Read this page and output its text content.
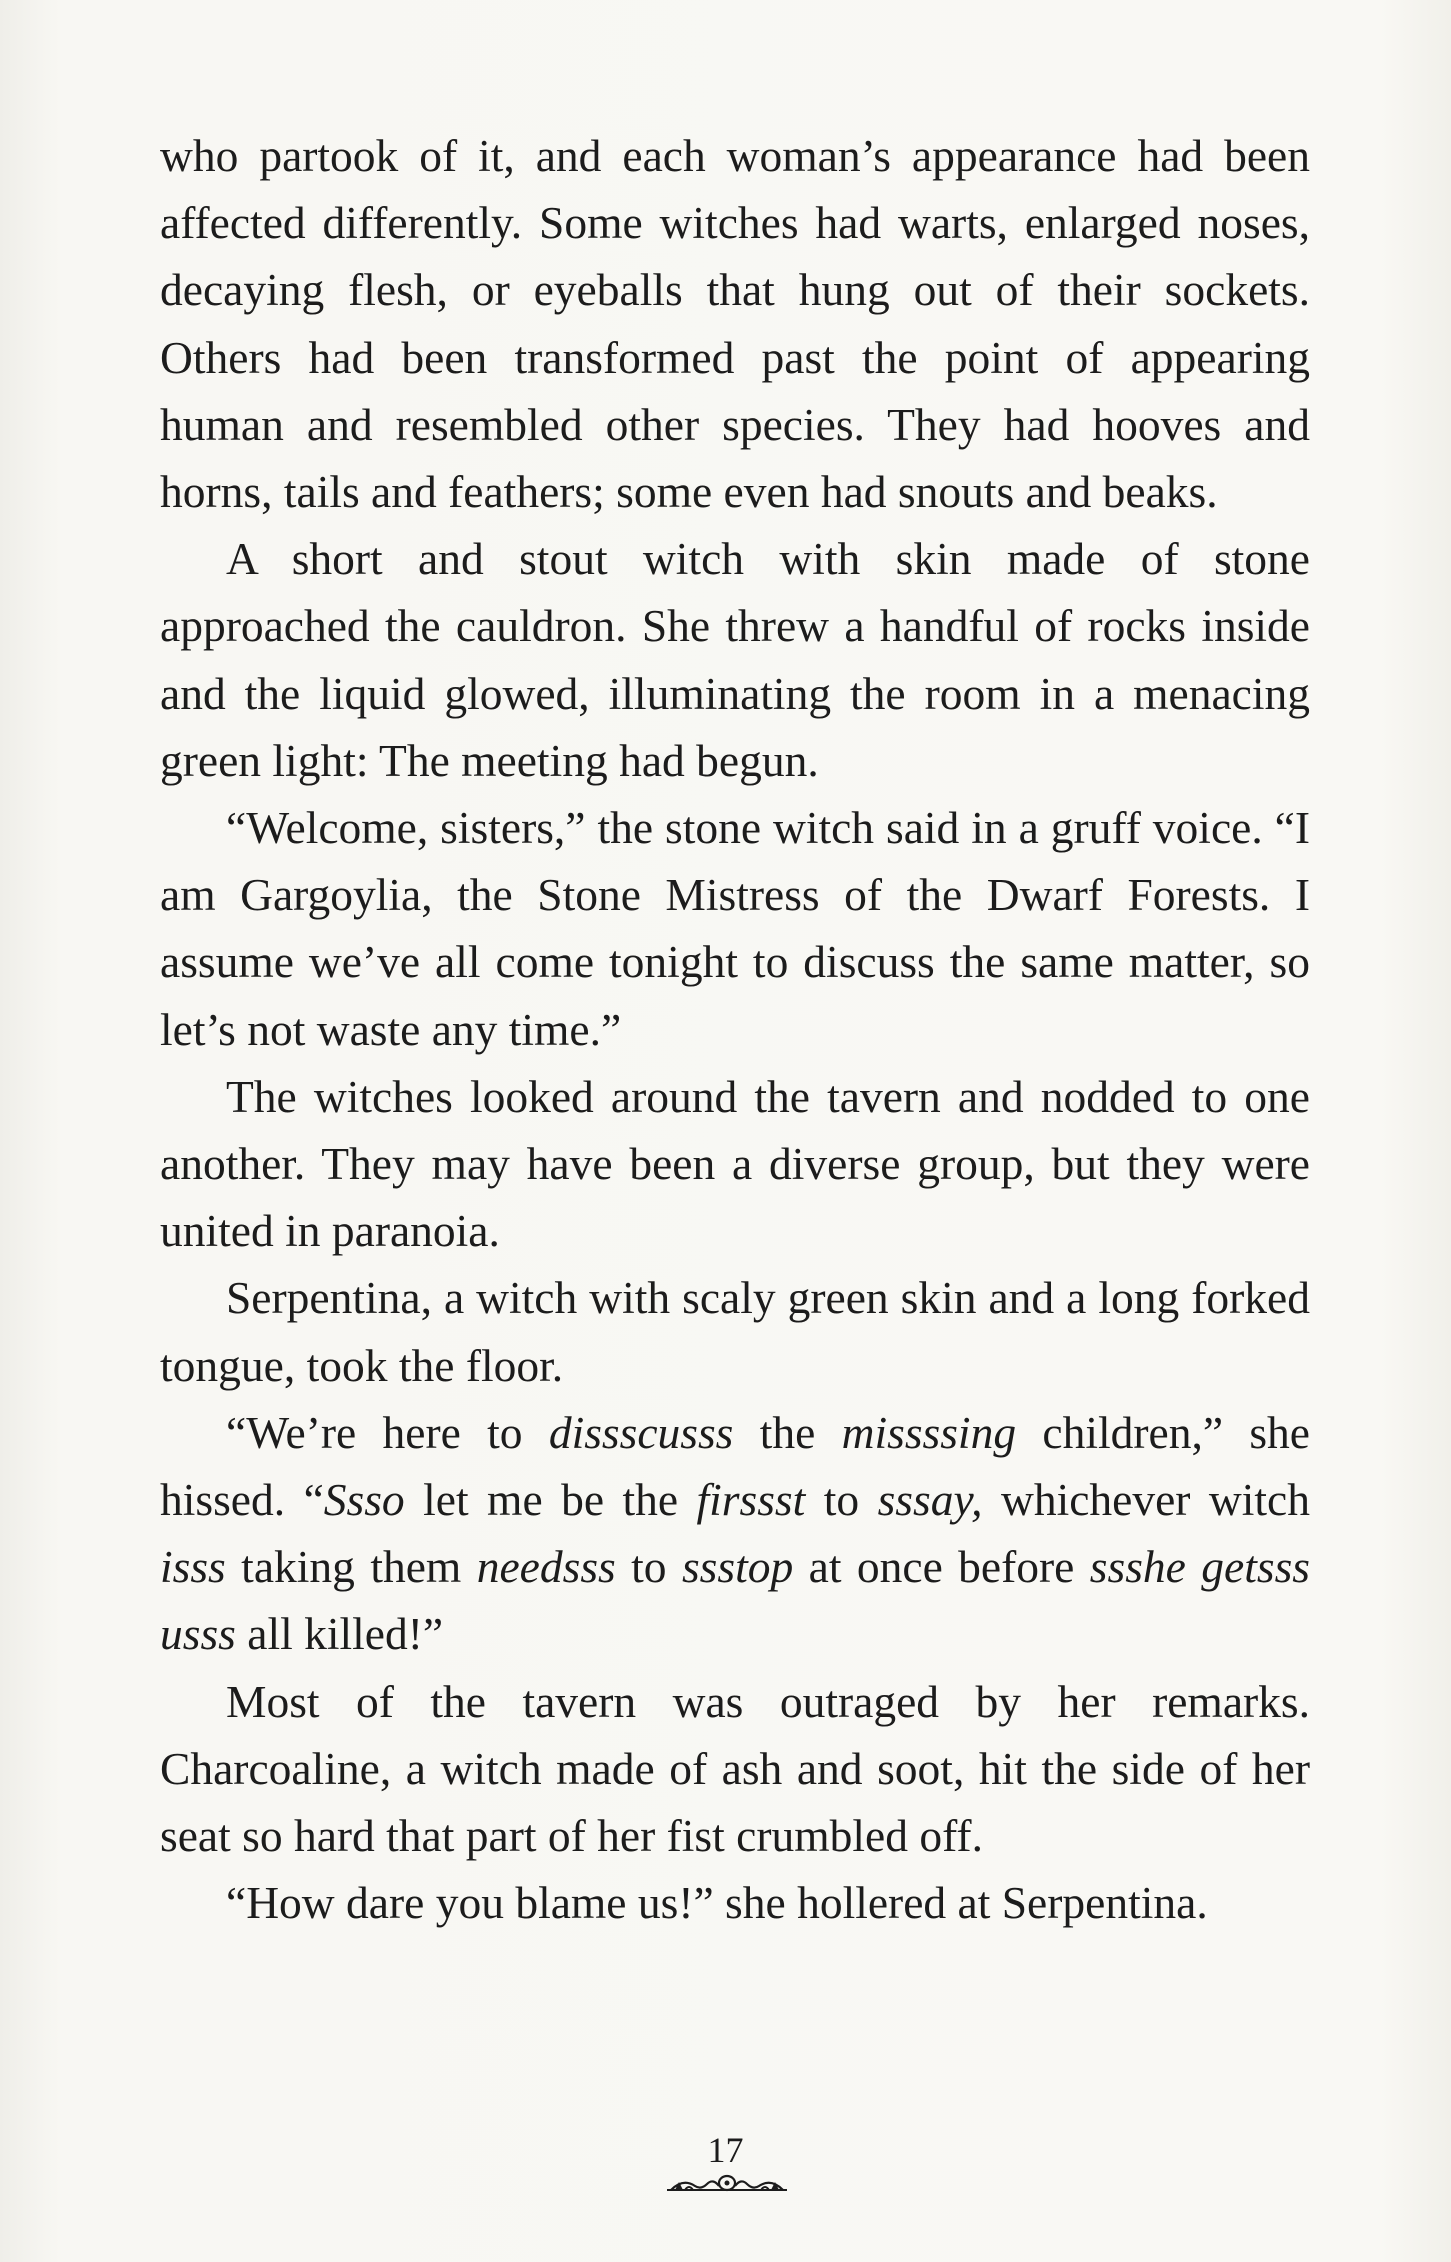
who partook of it, and each woman’s appearance had been affected differently. Some witches had warts, enlarged noses, decaying flesh, or eyeballs that hung out of their sockets. Others had been transformed past the point of appearing human and resembled other species. They had hooves and horns, tails and feathers; some even had snouts and beaks.

A short and stout witch with skin made of stone approached the cauldron. She threw a handful of rocks inside and the liquid glowed, illuminating the room in a menacing green light: The meeting had begun.

“Welcome, sisters,” the stone witch said in a gruff voice. “I am Gargoylia, the Stone Mistress of the Dwarf Forests. I assume we’ve all come tonight to discuss the same matter, so let’s not waste any time.”

The witches looked around the tavern and nodded to one another. They may have been a diverse group, but they were united in paranoia.

Serpentina, a witch with scaly green skin and a long forked tongue, took the floor.

“We’re here to dissscusss the missssing children,” she hissed. “Ssso let me be the firssst to sssay, whichever witch isss taking them needsss to ssstop at once before ssshe getsss usss all killed!”

Most of the tavern was outraged by her remarks. Charcoaline, a witch made of ash and soot, hit the side of her seat so hard that part of her fist crumbled off.

“How dare you blame us!” she hollered at Serpentina.

17
